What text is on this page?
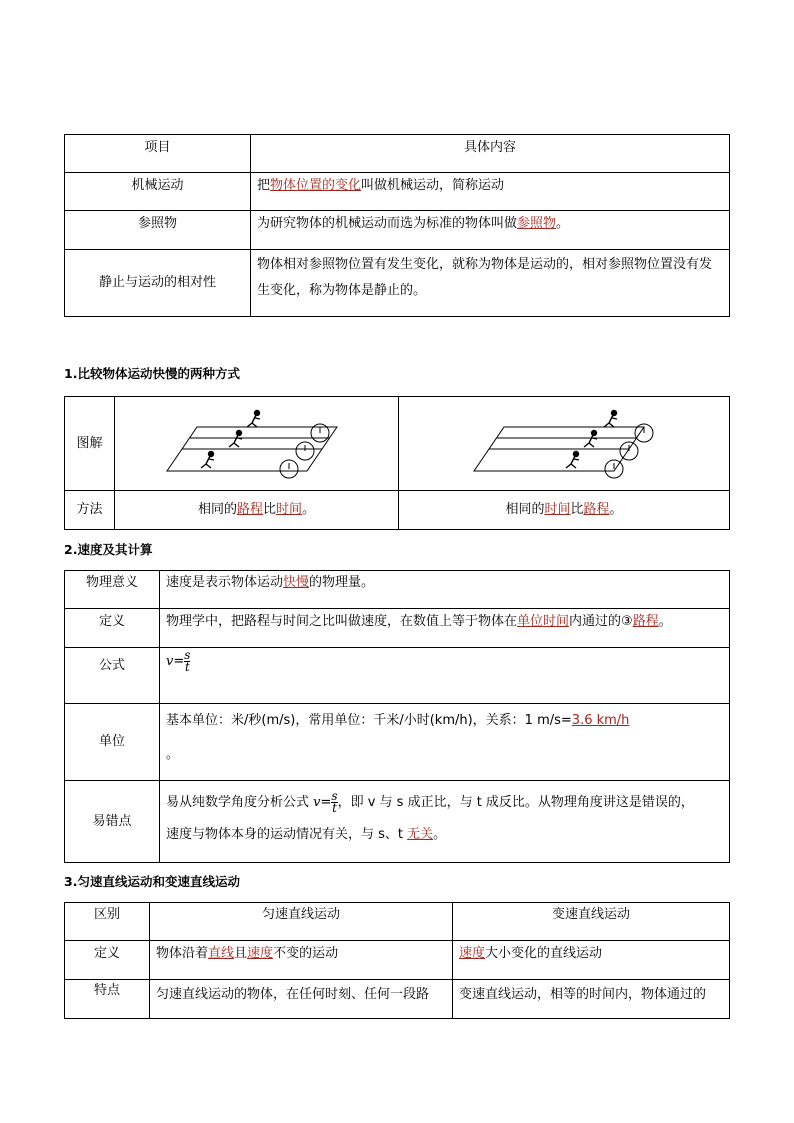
项目	具体内容
机械运动	把物体位置的变化叫做机械运动，简称运动
参照物	为研究物体的机械运动而选为标准的物体叫做参照物。
静止与运动的相对性	物体相对参照物位置有发生变化，就称为物体是运动的，相对参照物位置没有发生变化，称为物体是静止的。
1.比较物体运动快慢的两种方式
图解	

方法	相同的路程比时间。	相同的时间比路程。
2.速度及其计算
物理意义	速度是表示物体运动快慢的物理量。
定义	物理学中，把路程与时间之比叫做速度，在数值上等于物体在单位时间内通过的③路程。
公式	$v= \frac{s}{t}$

单位	基本单位：米/秒(m/s)，常用单位：千米/小时(km/h)，关系：1 m/s=3.6 km/h
。
易错点	易从纯数学角度分析公式 $v= \frac{s}{t}$ ，即 v 与 s 成正比，与 t 成反比。从物理角度讲这是错误的，
速度与物体本身的运动情况有关，与 s、t 无关。
3.匀速直线运动和变速直线运动
区别	匀速直线运动	变速直线运动
定义	物体沿着直线且速度不变的运动	速度大小变化的直线运动
特点	匀速直线运动的物体，在任何时刻、任何一段路	变速直线运动，相等的时间内，物体通过的
